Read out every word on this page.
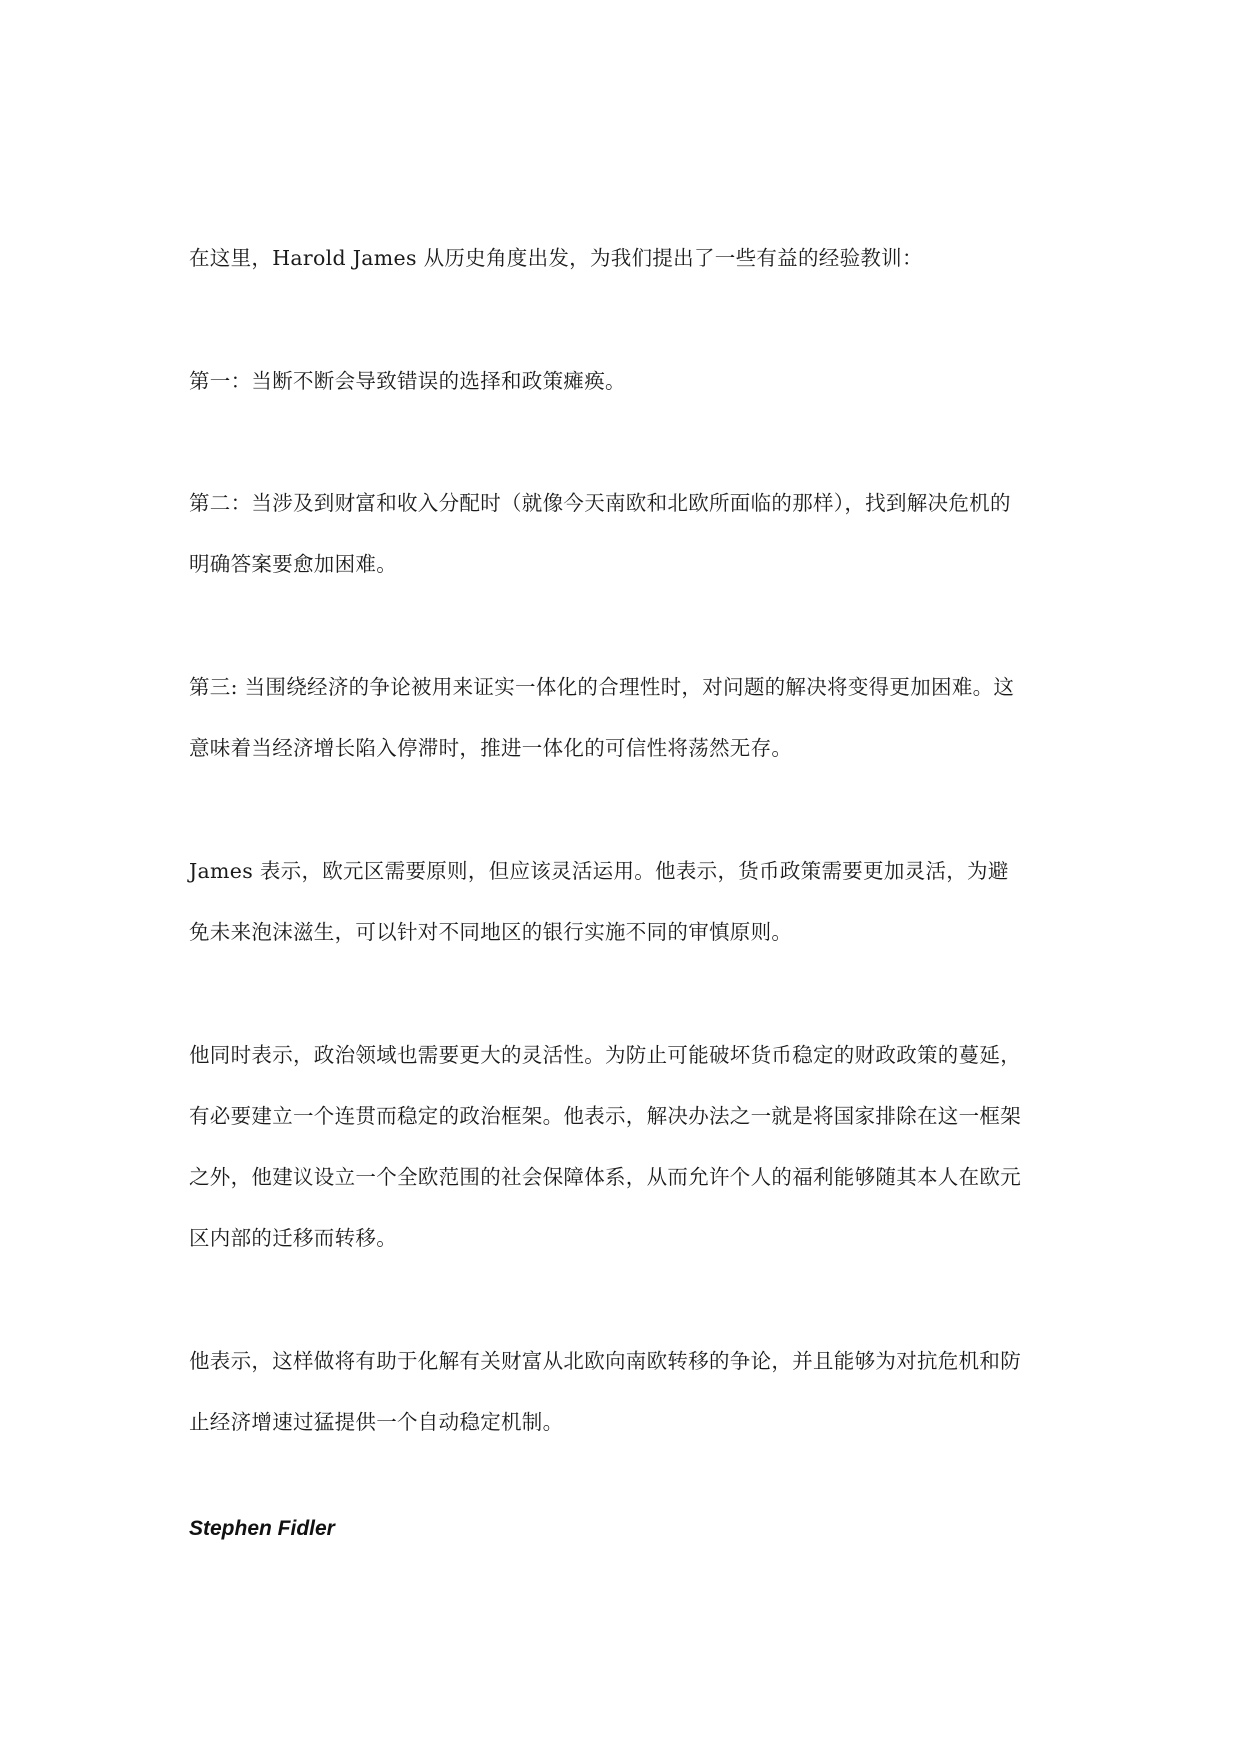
在这里，Harold James 从历史角度出发，为我们提出了一些有益的经验教训：

第一：当断不断会导致错误的选择和政策瘫痪。

第二：当涉及到财富和收入分配时（就像今天南欧和北欧所面临的那样），找到解决危机的
明确答案要愈加困难。

第三: 当围绕经济的争论被用来证实一体化的合理性时，对问题的解决将变得更加困难。这
意味着当经济增长陷入停滞时，推进一体化的可信性将荡然无存。

James 表示，欧元区需要原则，但应该灵活运用。他表示，货币政策需要更加灵活，为避
免未来泡沫滋生，可以针对不同地区的银行实施不同的审慎原则。

他同时表示，政治领域也需要更大的灵活性。为防止可能破坏货币稳定的财政政策的蔓延，
有必要建立一个连贯而稳定的政治框架。他表示，解决办法之一就是将国家排除在这一框架
之外，他建议设立一个全欧范围的社会保障体系，从而允许个人的福利能够随其本人在欧元
区内部的迁移而转移。

他表示，这样做将有助于化解有关财富从北欧向南欧转移的争论，并且能够为对抗危机和防
止经济增速过猛提供一个自动稳定机制。

Stephen Fidler
